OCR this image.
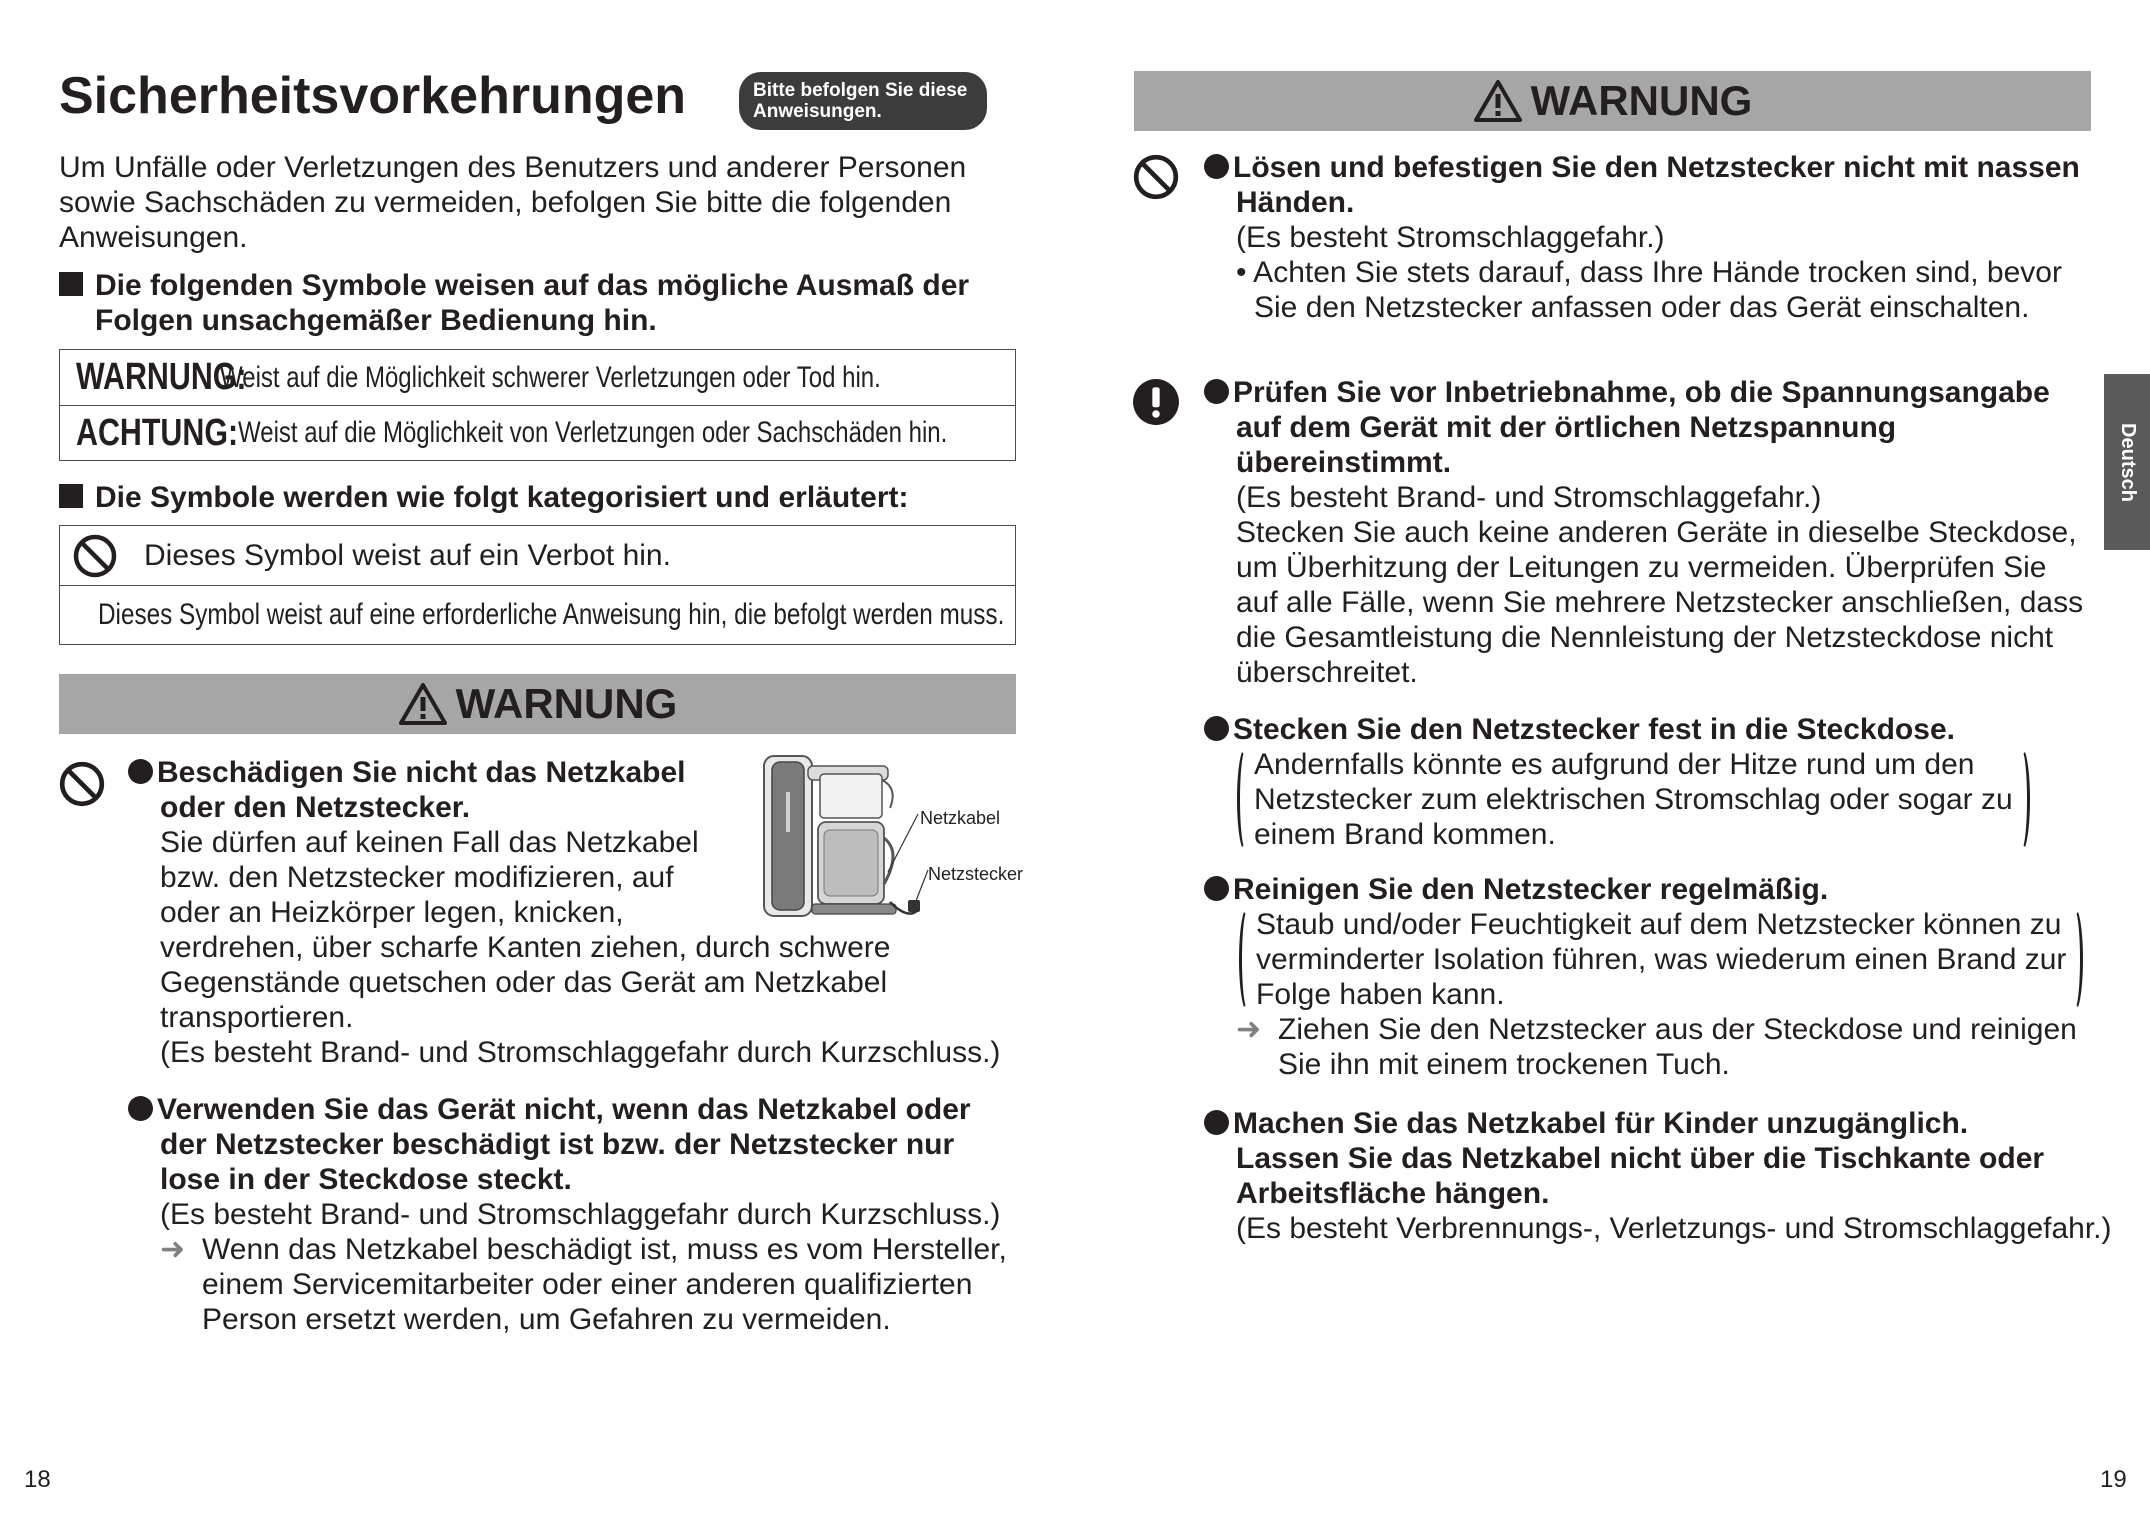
Sicherheitsvorkehrungen	Bitte befolgen Sie diese
Anweisungen.
Um Unfälle oder Verletzungen des Benutzers und anderer Personen
sowie Sachschäden zu vermeiden, befolgen Sie bitte die folgenden
Anweisungen.
Die folgenden Symbole weisen auf das mögliche Ausmaß der
Folgen unsachgemäßer Bedienung hin.
WARNUNG:
Weist auf die Möglichkeit schwerer Verletzungen oder Tod hin.
ACHTUNG: Weist auf die Möglichkeit von Verletzungen oder Sachschäden hin.
Die Symbole werden wie folgt kategorisiert und erläutert:
Dieses Symbol weist auf ein Verbot hin.
Dieses Symbol weist auf eine erforderliche Anweisung hin, die befolgt werden muss.
WARNUNG
Beschädigen Sie nicht das Netzkabel
oder den Netzstecker.
Sie dürfen auf keinen Fall das Netzkabel
bzw. den Netzstecker modifizieren, auf
oder an Heizkörper legen, knicken,
verdrehen, über scharfe Kanten ziehen, durch schwere
Gegenstände quetschen oder das Gerät am Netzkabel
transportieren.
(Es besteht Brand- und Stromschlaggefahr durch Kurzschluss.)
Netzkabel
Netzstecker
Verwenden Sie das Gerät nicht, wenn das Netzkabel oder
der Netzstecker beschädigt ist bzw. der Netzstecker nur
lose in der Steckdose steckt.
(Es besteht Brand- und Stromschlaggefahr durch Kurzschluss.)
➜ Wenn das Netzkabel beschädigt ist, muss es vom Hersteller,
einem Servicemitarbeiter oder einer anderen qualifizierten
Person ersetzt werden, um Gefahren zu vermeiden.
18
WARNUNG
Lösen und befestigen Sie den Netzstecker nicht mit nassen
Händen.
(Es besteht Stromschlaggefahr.)
• Achten Sie stets darauf, dass Ihre Hände trocken sind, bevor
Sie den Netzstecker anfassen oder das Gerät einschalten.
Prüfen Sie vor Inbetriebnahme, ob die Spannungsangabe
auf dem Gerät mit der örtlichen Netzspannung
übereinstimmt.
(Es besteht Brand- und Stromschlaggefahr.)
Stecken Sie auch keine anderen Geräte in dieselbe Steckdose,
um Überhitzung der Leitungen zu vermeiden. Überprüfen Sie
auf alle Fälle, wenn Sie mehrere Netzstecker anschließen, dass
die Gesamtleistung die Nennleistung der Netzsteckdose nicht
überschreitet.
Stecken Sie den Netzstecker fest in die Steckdose.
Andernfalls könnte es aufgrund der Hitze rund um den
Netzstecker zum elektrischen Stromschlag oder sogar zu
einem Brand kommen.
Reinigen Sie den Netzstecker regelmäßig.
Staub und/oder Feuchtigkeit auf dem Netzstecker können zu
verminderter Isolation führen, was wiederum einen Brand zur
Folge haben kann.
➜ Ziehen Sie den Netzstecker aus der Steckdose und reinigen
Sie ihn mit einem trockenen Tuch.
Machen Sie das Netzkabel für Kinder unzugänglich.
Lassen Sie das Netzkabel nicht über die Tischkante oder
Arbeitsfläche hängen.
(Es besteht Verbrennungs-, Verletzungs- und Stromschlaggefahr.)
Deutsch
19
